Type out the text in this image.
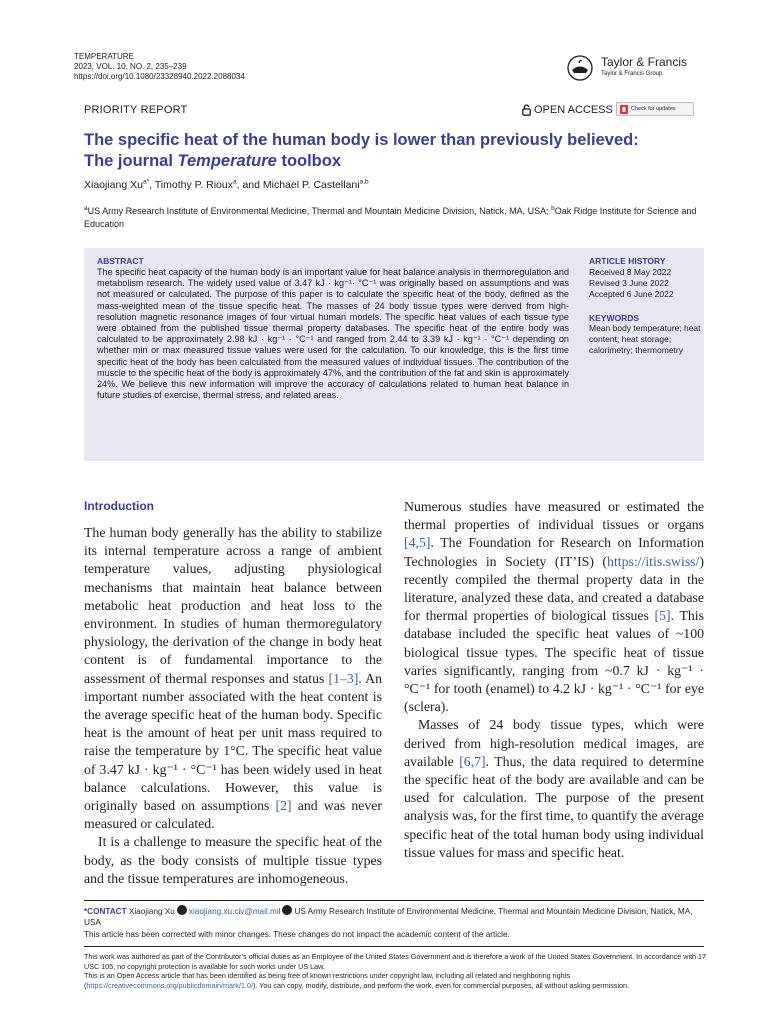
TEMPERATURE
2023, VOL. 10, NO. 2, 235–239
https://doi.org/10.1080/23328940.2022.2088034
Taylor & Francis
Taylor & Francis Group
PRIORITY REPORT	OPEN ACCESS	Check for updates
The specific heat of the human body is lower than previously believed:
The journal Temperature toolbox
Xiaojiang $Xu^{a*}$, Timothy P. Rioux$^a$, and Michael P. Castellani$^{a,b}$
$^a$US Army Research Institute of Environmental Medicine, Thermal and Mountain Medicine Division, Natick, MA, USA; $^b$Oak Ridge Institute for Science and Education
ABSTRACT
The specific heat capacity of the human body is an important value for heat balance analysis in thermoregulation and metabolism research. The widely used value of 3.47 kJ · kg⁻¹· °C⁻¹ was originally based on assumptions and was not measured or calculated. The purpose of this paper is to calculate the specific heat of the body, defined as the mass-weighted mean of the tissue specific heat. The masses of 24 body tissue types were derived from high-resolution magnetic resonance images of four virtual human models. The specific heat values of each tissue type were obtained from the published tissue thermal property databases. The specific heat of the entire body was calculated to be approximately 2.98 kJ · kg⁻¹ · °C⁻¹ and ranged from 2.44 to 3.39 kJ · kg⁻¹ · °C⁻¹ depending on whether min or max measured tissue values were used for the calculation. To our knowledge, this is the first time specific heat of the body has been calculated from the measured values of individual tissues. The contribution of the muscle to the specific heat of the body is approximately 47%, and the contribution of the fat and skin is approximately 24%. We believe this new information will improve the accuracy of calculations related to human heat balance in future studies of exercise, thermal stress, and related areas.
ARTICLE HISTORY
Received 8 May 2022
Revised 3 June 2022
Accepted 6 June 2022
KEYWORDS
Mean body temperature; heat content; heat storage; calorimetry; thermometry
Introduction

The human body generally has the ability to stabilize its internal temperature across a range of ambient temperature values, adjusting physiological mechanisms that maintain heat balance between metabolic heat production and heat loss to the environment. In studies of human thermoregulatory physiology, the derivation of the change in body heat content is of fundamental importance to the assessment of thermal responses and status [1–3]. An important number associated with the heat content is the average specific heat of the human body. Specific heat is the amount of heat per unit mass required to raise the temperature by 1°C. The specific heat value of 3.47 kJ · kg⁻¹ · °C⁻¹ has been widely used in heat balance calculations. However, this value is originally based on assumptions [2] and was never measured or calculated.

It is a challenge to measure the specific heat of the body, as the body consists of multiple tissue types and the tissue temperatures are inhomogeneous.

Numerous studies have measured or estimated the thermal properties of individual tissues or organs [4,5]. The Foundation for Research on Information Technologies in Society (IT’IS) (https://itis.swiss/) recently compiled the thermal property data in the literature, analyzed these data, and created a database for thermal properties of biological tissues [5]. This database included the specific heat values of ~100 biological tissue types. The specific heat of tissue varies significantly, ranging from ~0.7 kJ · kg⁻¹ · °C⁻¹ for tooth (enamel) to 4.2 kJ · kg⁻¹ · °C⁻¹ for eye (sclera).

Masses of 24 body tissue types, which were derived from high-resolution medical images, are available [6,7]. Thus, the data required to determine the specific heat of the body are available and can be used for calculation. The purpose of the present analysis was, for the first time, to quantify the average specific heat of the total human body using individual tissue values for mass and specific heat.

*CONTACT Xiaojiang Xu xiaojiang.xu.civ@mail.mil US Army Research Institute of Environmental Medicine, Thermal and Mountain Medicine Division, Natick, MA, USA
This article has been corrected with minor changes. These changes do not impact the academic content of the article.
This work was authored as part of the Contributor’s official duties as an Employee of the United States Government and is therefore a work of the United States Government. In accordance with 17 USC 105, no copyright protection is available for such works under US Law.
This is an Open Access article that has been identified as being free of known restrictions under copyright law, including all related and neighboring rights (https://creativecommons.org/publicdomain/mark/1.0/). You can copy, modify, distribute, and perform the work, even for commercial purposes, all without asking permission.
